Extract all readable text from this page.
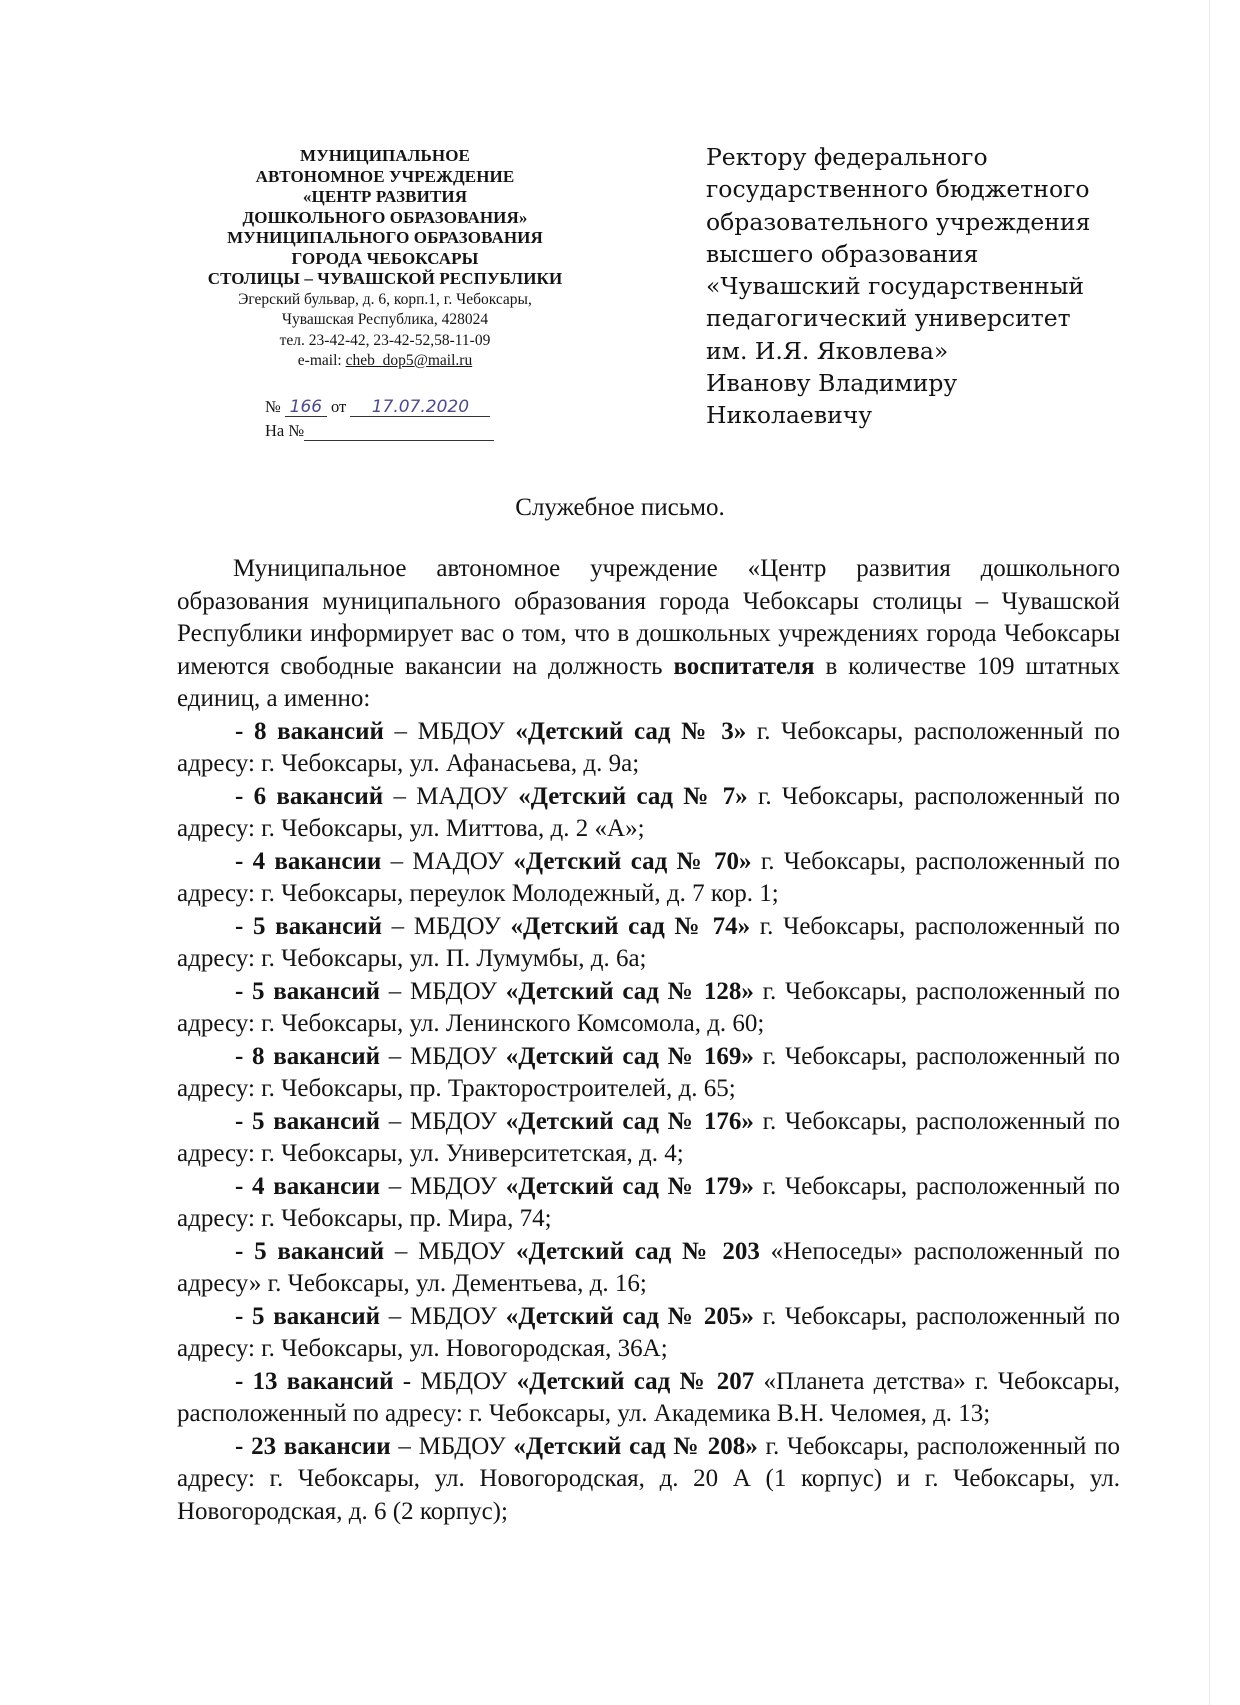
МУНИЦИПАЛЬНОЕ
АВТОНОМНОЕ УЧРЕЖДЕНИЕ
«ЦЕНТР РАЗВИТИЯ
ДОШКОЛЬНОГО ОБРАЗОВАНИЯ»
МУНИЦИПАЛЬНОГО ОБРАЗОВАНИЯ
ГОРОДА ЧЕБОКСАРЫ
СТОЛИЦЫ – ЧУВАШСКОЙ РЕСПУБЛИКИ
Эгерский бульвар, д. 6, корп.1, г. Чебоксары,
Чувашская Республика, 428024
тел. 23-42-42, 23-42-52,58-11-09
e-mail: cheb_dop5@mail.ru
№ 166 от 17.07.2020
На №
Ректору федерального
государственного бюджетного
образовательного учреждения
высшего образования
«Чувашский государственный
педагогический университет
им. И.Я. Яковлева»
Иванову Владимиру
Николаевичу
Служебное письмо.

Муниципальное автономное учреждение «Центр развития дошкольного образования муниципального образования города Чебоксары столицы – Чувашской Республики информирует вас о том, что в дошкольных учреждениях города Чебоксары имеются свободные вакансии на должность воспитателя в количестве 109 штатных единиц, а именно:

- 8 вакансий – МБДОУ «Детский сад № 3» г. Чебоксары, расположенный по адресу: г. Чебоксары, ул. Афанасьева, д. 9а;

- 6 вакансий – МАДОУ «Детский сад № 7» г. Чебоксары, расположенный по адресу: г. Чебоксары, ул. Миттова, д. 2 «А»;

- 4 вакансии – МАДОУ «Детский сад № 70» г. Чебоксары, расположенный по адресу: г. Чебоксары, переулок Молодежный, д. 7 кор. 1;

- 5 вакансий – МБДОУ «Детский сад № 74» г. Чебоксары, расположенный по адресу: г. Чебоксары, ул. П. Лумумбы, д. 6а;

- 5 вакансий – МБДОУ «Детский сад № 128» г. Чебоксары, расположенный по адресу: г. Чебоксары, ул. Ленинского Комсомола, д. 60;

- 8 вакансий – МБДОУ «Детский сад № 169» г. Чебоксары, расположенный по адресу: г. Чебоксары, пр. Тракторостроителей, д. 65;

- 5 вакансий – МБДОУ «Детский сад № 176» г. Чебоксары, расположенный по адресу: г. Чебоксары, ул. Университетская, д. 4;

- 4 вакансии – МБДОУ «Детский сад № 179» г. Чебоксары, расположенный по адресу: г. Чебоксары, пр. Мира, 74;

- 5 вакансий – МБДОУ «Детский сад № 203 «Непоседы» расположенный по адресу» г. Чебоксары, ул. Дементьева, д. 16;

- 5 вакансий – МБДОУ «Детский сад № 205» г. Чебоксары, расположенный по адресу: г. Чебоксары, ул. Новогородская, 36А;

- 13 вакансий - МБДОУ «Детский сад № 207 «Планета детства» г. Чебоксары, расположенный по адресу: г. Чебоксары, ул. Академика В.Н. Челомея, д. 13;

- 23 вакансии – МБДОУ «Детский сад № 208» г. Чебоксары, расположенный по адресу: г. Чебоксары, ул. Новогородская, д. 20 А (1 корпус) и г. Чебоксары, ул. Новогородская, д. 6 (2 корпус);
